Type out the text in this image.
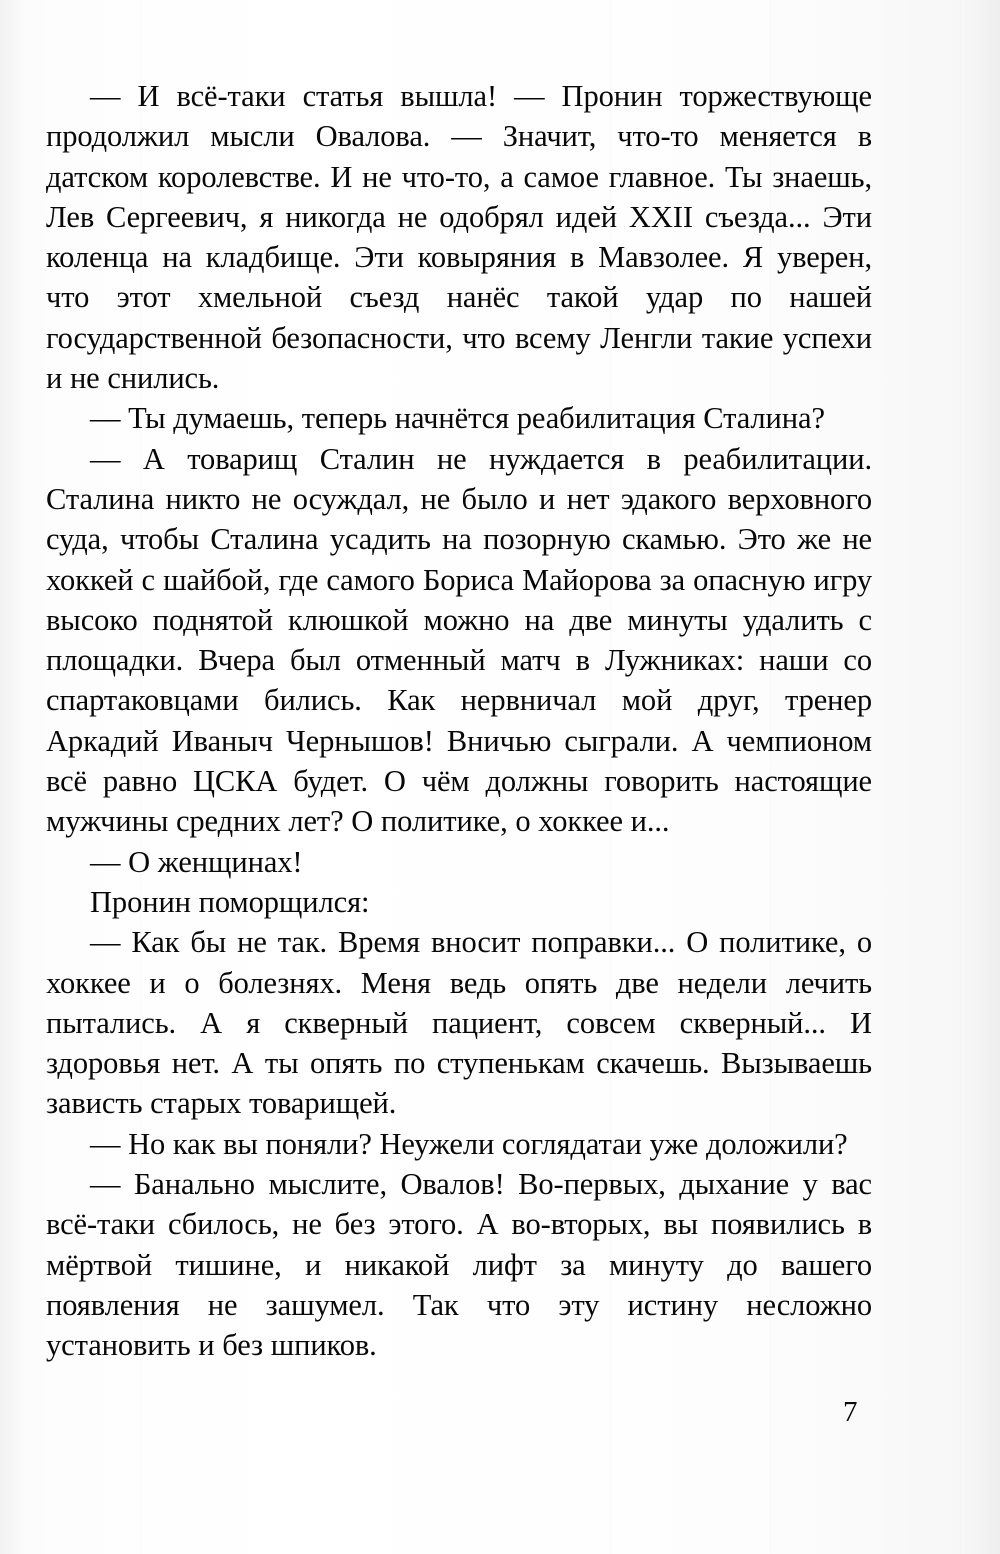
— И всё-таки статья вышла! — Пронин торжествующе продолжил мысли Овалова. — Значит, что-то меняется в датском королевстве. И не что-то, а самое главное. Ты знаешь, Лев Сергеевич, я никогда не одобрял идей XXII съезда... Эти коленца на кладбище. Эти ковыряния в Мавзолее. Я уверен, что этот хмельной съезд нанёс такой удар по нашей государственной безопасности, что всему Ленгли такие успехи и не снились.

— Ты думаешь, теперь начнётся реабилитация Сталина?

— А товарищ Сталин не нуждается в реабилитации. Сталина никто не осуждал, не было и нет эдакого верховного суда, чтобы Сталина усадить на позорную скамью. Это же не хоккей с шайбой, где самого Бориса Майорова за опасную игру высоко поднятой клюшкой можно на две минуты удалить с площадки. Вчера был отменный матч в Лужниках: наши со спартаковцами бились. Как нервничал мой друг, тренер Аркадий Иваныч Чернышов! Вничью сыграли. А чемпионом всё равно ЦСКА будет. О чём должны говорить настоящие мужчины средних лет? О политике, о хоккее и...

— О женщинах!

Пронин поморщился:

— Как бы не так. Время вносит поправки... О политике, о хоккее и о болезнях. Меня ведь опять две недели лечить пытались. А я скверный пациент, совсем скверный... И здоровья нет. А ты опять по ступенькам скачешь. Вызываешь зависть старых товарищей.

— Но как вы поняли? Неужели соглядатаи уже доложили?

— Банально мыслите, Овалов! Во-первых, дыхание у вас всё-таки сбилось, не без этого. А во-вторых, вы появились в мёртвой тишине, и никакой лифт за минуту до вашего появления не зашумел. Так что эту истину несложно установить и без шпиков.

7
